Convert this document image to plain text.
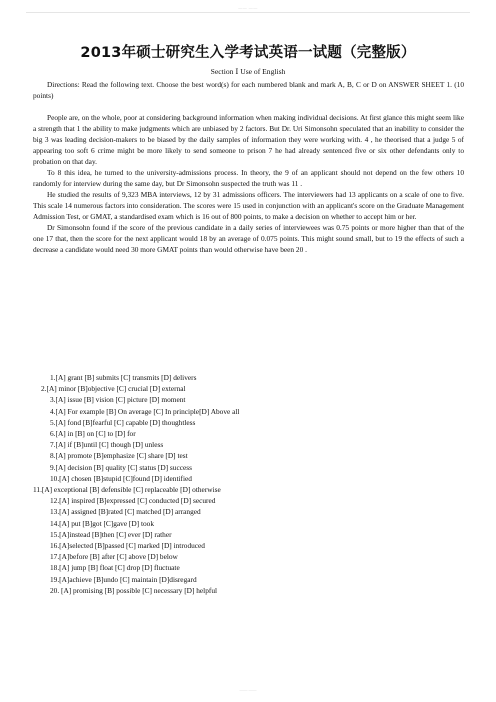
—— ——
2013年硕士研究生入学考试英语一试题（完整版）
Section Ⅰ Use of English

Directions: Read the following text. Choose the best word(s) for each numbered blank and mark A, B, C or D on ANSWER SHEET 1. (10 points)

People are, on the whole, poor at considering background information when making individual decisions. At first glance this might seem like a strength that 1 the ability to make judgments which are unbiased by 2 factors. But Dr. Uri Simonsohn speculated that an inability to consider the big 3 was leading decision-makers to be biased by the daily samples of information they were working with. 4 , he theorised that a judge 5 of appearing too soft 6 crime might be more likely to send someone to prison 7 he had already sentenced five or six other defendants only to probation on that day.

To 8 this idea, he turned to the university-admissions process. In theory, the 9 of an applicant should not depend on the few others 10 randomly for interview during the same day, but Dr Simonsohn suspected the truth was 11 .

He studied the results of 9,323 MBA interviews, 12 by 31 admissions officers. The interviewers had 13 applicants on a scale of one to five. This scale 14 numerous factors into consideration. The scores were 15 used in conjunction with an applicant's score on the Graduate Management Admission Test, or GMAT, a standardised exam which is 16 out of 800 points, to make a decision on whether to accept him or her.

Dr Simonsohn found if the score of the previous candidate in a daily series of interviewees was 0.75 points or more higher than that of the one 17 that, then the score for the next applicant would 18 by an average of 0.075 points. This might sound small, but to 19 the effects of such a decrease a candidate would need 30 more GMAT points than would otherwise have been 20 .

1.[A] grant [B] submits [C] transmits [D] delivers
2.[A] minor [B]objective [C] crucial [D] external
3.[A] issue [B] vision [C] picture [D] moment
4.[A] For example [B] On average [C] In principle[D] Above all
5.[A] fond [B]fearful [C] capable [D] thoughtless
6.[A] in [B] on [C] to [D] for
7.[A] if [B]until [C] though [D] unless
8.[A] promote [B]emphasize [C] share [D] test
9.[A] decision [B] quality [C] status [D] success
10.[A] chosen [B]stupid [C]found [D] identified
11.[A] exceptional [B] defensible [C] replaceable [D] otherwise
12.[A] inspired [B]expressed [C] conducted [D] secured
13.[A] assigned [B]rated [C] matched [D] arranged
14.[A] put [B]got [C]gave [D] took
15.[A]instead [B]then [C] ever [D] rather
16.[A]selected [B]passed [C] marked [D] introduced
17.[A]before [B] after [C] above [D] below
18.[A] jump [B] float [C] drop [D] fluctuate
19.[A]achieve [B]undo [C] maintain [D]disregard
20. [A] promising [B] possible [C] necessary [D] helpful
—— ——
